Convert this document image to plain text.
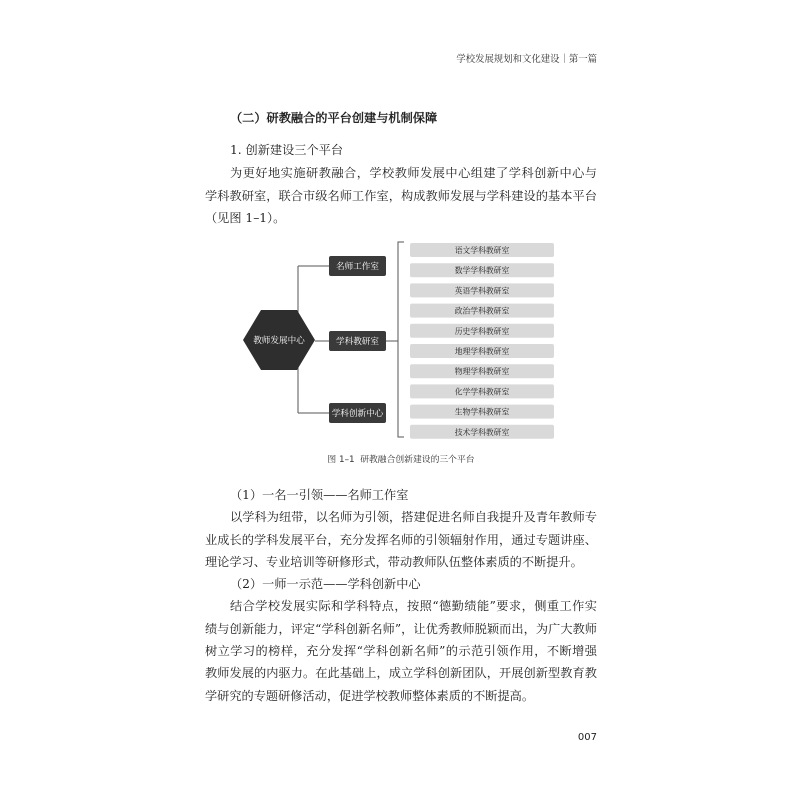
学校发展规划和文化建设｜第一篇
（二）研教融合的平台创建与机制保障
1. 创新建设三个平台
为更好地实施研教融合，学校教师发展中心组建了学科创新中心与
学科教研室，联合市级名师工作室，构成教师发展与学科建设的基本平台
（见图 1–1）。
教师发展中心
名师工作室
学科教研室
学科创新中心
语文学科教研室
数学学科教研室
英语学科教研室
政治学科教研室
历史学科教研室
地理学科教研室
物理学科教研室
化学学科教研室
生物学科教研室
技术学科教研室
图 1–1  研教融合创新建设的三个平台
（1）一名一引领——名师工作室
以学科为纽带，以名师为引领，搭建促进名师自我提升及青年教师专
业成长的学科发展平台，充分发挥名师的引领辐射作用，通过专题讲座、
理论学习、专业培训等研修形式，带动教师队伍整体素质的不断提升。
（2）一师一示范——学科创新中心
结合学校发展实际和学科特点，按照“德勤绩能”要求，侧重工作实
绩与创新能力，评定“学科创新名师”，让优秀教师脱颖而出，为广大教师
树立学习的榜样，充分发挥“学科创新名师”的示范引领作用，不断增强
教师发展的内驱力。在此基础上，成立学科创新团队，开展创新型教育教
学研究的专题研修活动，促进学校教师整体素质的不断提高。
007
